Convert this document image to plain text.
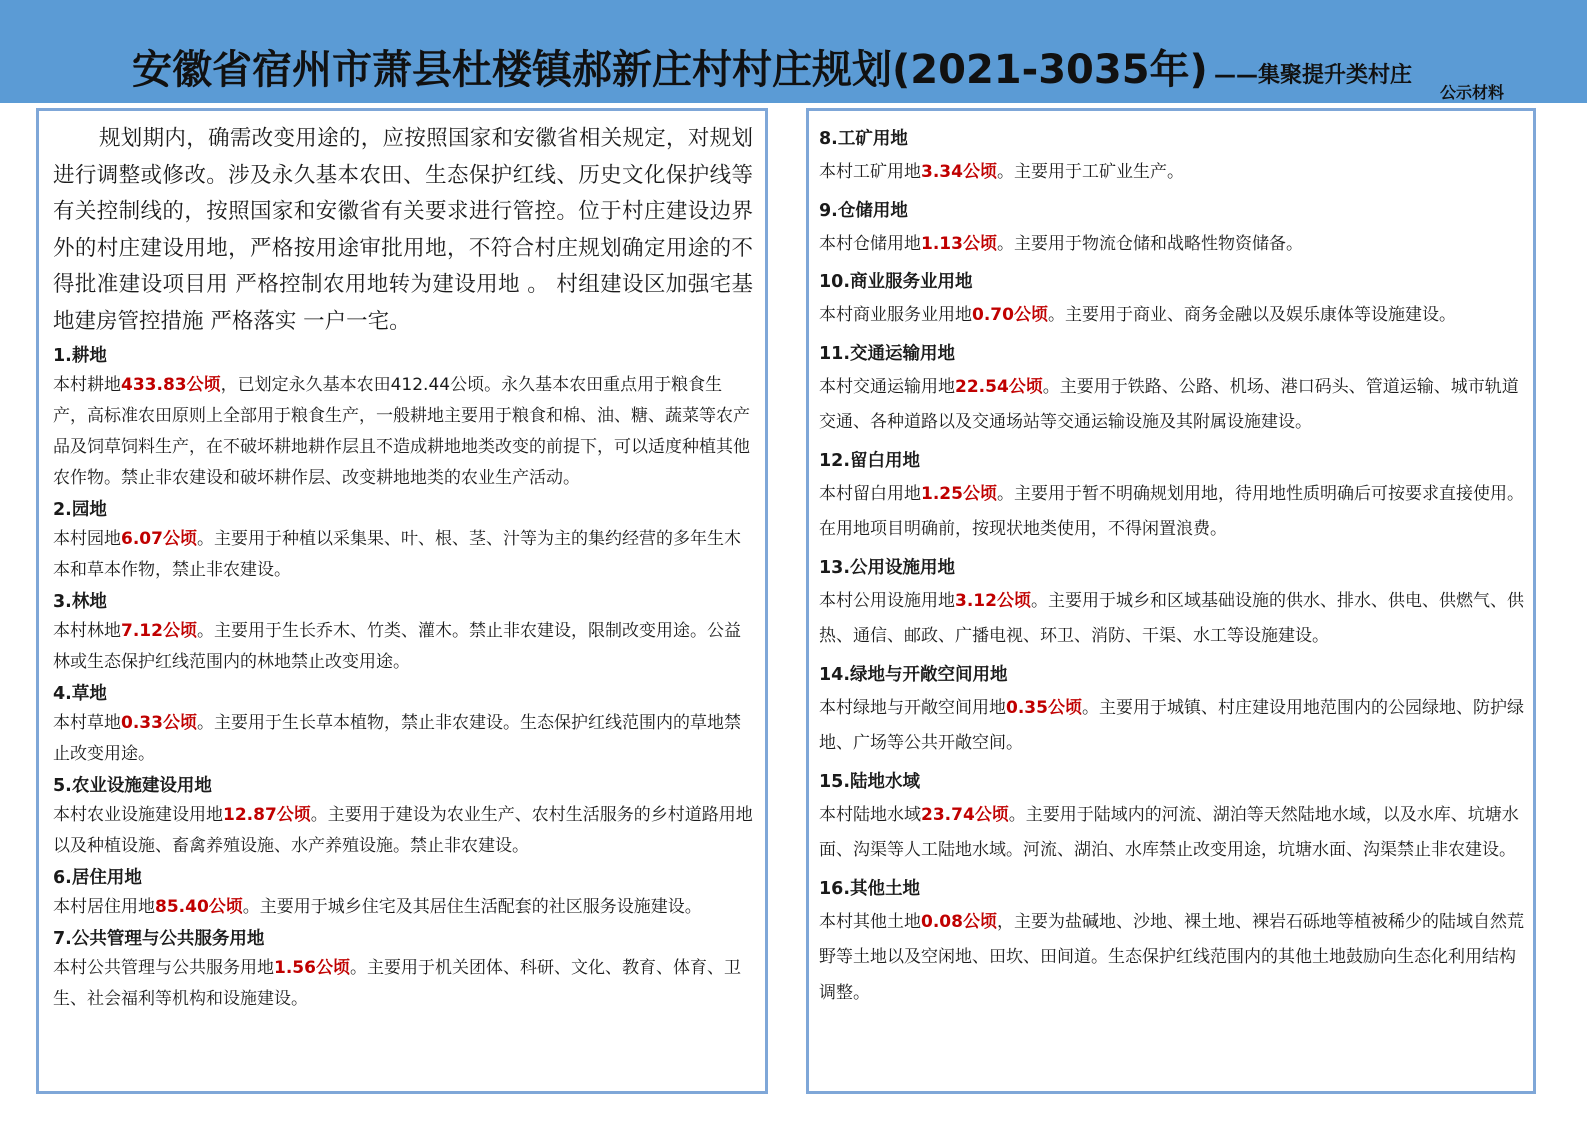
安徽省宿州市萧县杜楼镇郝新庄村村庄规划(2021-3035年) ——集聚提升类村庄
公示材料

规划期内，确需改变用途的，应按照国家和安徽省相关规定，对规划进行调整或修改。涉及永久基本农田、生态保护红线、历史文化保护线等有关控制线的，按照国家和安徽省有关要求进行管控。位于村庄建设边界外的村庄建设用地，严格按用途审批用地，不符合村庄规划确定用途的不得批准建设项目用 严格控制农用地转为建设用地 。 村组建设区加强宅基地建房管控措施 严格落实 一户一宅。

1.耕地

本村耕地433.83公顷，已划定永久基本农田412.44公顷。永久基本农田重点用于粮食生产，高标准农田原则上全部用于粮食生产，一般耕地主要用于粮食和棉、油、糖、蔬菜等农产品及饲草饲料生产，在不破坏耕地耕作层且不造成耕地地类改变的前提下，可以适度种植其他农作物。禁止非农建设和破坏耕作层、改变耕地地类的农业生产活动。

2.园地

本村园地6.07公顷。主要用于种植以采集果、叶、根、茎、汁等为主的集约经营的多年生木本和草本作物，禁止非农建设。

3.林地

本村林地7.12公顷。主要用于生长乔木、竹类、灌木。禁止非农建设，限制改变用途。公益林或生态保护红线范围内的林地禁止改变用途。

4.草地

本村草地0.33公顷。主要用于生长草本植物，禁止非农建设。生态保护红线范围内的草地禁止改变用途。

5.农业设施建设用地

本村农业设施建设用地12.87公顷。主要用于建设为农业生产、农村生活服务的乡村道路用地以及种植设施、畜禽养殖设施、水产养殖设施。禁止非农建设。

6.居住用地

本村居住用地85.40公顷。主要用于城乡住宅及其居住生活配套的社区服务设施建设。

7.公共管理与公共服务用地

本村公共管理与公共服务用地1.56公顷。主要用于机关团体、科研、文化、教育、体育、卫生、社会福利等机构和设施建设。

8.工矿用地

本村工矿用地3.34公顷。主要用于工矿业生产。

9.仓储用地

本村仓储用地1.13公顷。主要用于物流仓储和战略性物资储备。

10.商业服务业用地

本村商业服务业用地0.70公顷。主要用于商业、商务金融以及娱乐康体等设施建设。

11.交通运输用地

本村交通运输用地22.54公顷。主要用于铁路、公路、机场、港口码头、管道运输、城市轨道交通、各种道路以及交通场站等交通运输设施及其附属设施建设。

12.留白用地

本村留白用地1.25公顷。主要用于暂不明确规划用地，待用地性质明确后可按要求直接使用。在用地项目明确前，按现状地类使用，不得闲置浪费。

13.公用设施用地

本村公用设施用地3.12公顷。主要用于城乡和区域基础设施的供水、排水、供电、供燃气、供热、通信、邮政、广播电视、环卫、消防、干渠、水工等设施建设。

14.绿地与开敞空间用地

本村绿地与开敞空间用地0.35公顷。主要用于城镇、村庄建设用地范围内的公园绿地、防护绿地、广场等公共开敞空间。

15.陆地水域

本村陆地水域23.74公顷。主要用于陆域内的河流、湖泊等天然陆地水域，以及水库、坑塘水面、沟渠等人工陆地水域。河流、湖泊、水库禁止改变用途，坑塘水面、沟渠禁止非农建设。

16.其他土地

本村其他土地0.08公顷，主要为盐碱地、沙地、裸土地、裸岩石砾地等植被稀少的陆域自然荒野等土地以及空闲地、田坎、田间道。生态保护红线范围内的其他土地鼓励向生态化利用结构调整。
